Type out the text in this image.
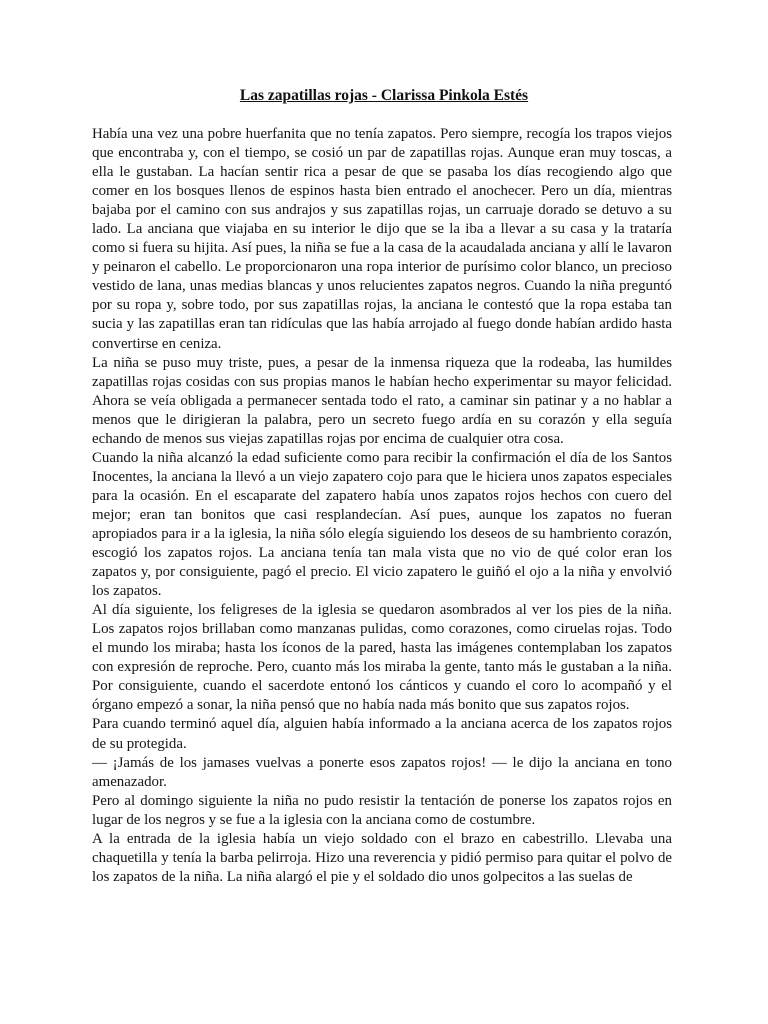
Las zapatillas rojas - Clarissa Pinkola Estés

Había una vez una pobre huerfanita que no tenía zapatos. Pero siempre, recogía los trapos viejos que encontraba y, con el tiempo, se cosió un par de zapatillas rojas. Aunque eran muy toscas, a ella le gustaban. La hacían sentir rica a pesar de que se pasaba los días recogiendo algo que comer en los bosques llenos de espinos hasta bien entrado el anochecer. Pero un día, mientras bajaba por el camino con sus andrajos y sus zapatillas rojas, un carruaje dorado se detuvo a su lado. La anciana que viajaba en su interior le dijo que se la iba a llevar a su casa y la trataría como si fuera su hijita. Así pues, la niña se fue a la casa de la acaudalada anciana y allí le lavaron y peinaron el cabello. Le proporcionaron una ropa interior de purísimo color blanco, un precioso vestido de lana, unas medias blancas y unos relucientes zapatos negros. Cuando la niña preguntó por su ropa y, sobre todo, por sus zapatillas rojas, la anciana le contestó que la ropa estaba tan sucia y las zapatillas eran tan ridículas que las había arrojado al fuego donde habían ardido hasta convertirse en ceniza.

La niña se puso muy triste, pues, a pesar de la inmensa riqueza que la rodeaba, las humildes zapatillas rojas cosidas con sus propias manos le habían hecho experimentar su mayor felicidad. Ahora se veía obligada a permanecer sentada todo el rato, a caminar sin patinar y a no hablar a menos que le dirigieran la palabra, pero un secreto fuego ardía en su corazón y ella seguía echando de menos sus viejas zapatillas rojas por encima de cualquier otra cosa.

Cuando la niña alcanzó la edad suficiente como para recibir la confirmación el día de los Santos Inocentes, la anciana la llevó a un viejo zapatero cojo para que le hiciera unos zapatos especiales para la ocasión. En el escaparate del zapatero había unos zapatos rojos hechos con cuero del mejor; eran tan bonitos que casi resplandecían. Así pues, aunque los zapatos no fueran apropiados para ir a la iglesia, la niña sólo elegía siguiendo los deseos de su hambriento corazón, escogió los zapatos rojos. La anciana tenía tan mala vista que no vio de qué color eran los zapatos y, por consiguiente, pagó el precio. El vicio zapatero le guiñó el ojo a la niña y envolvió los zapatos.

Al día siguiente, los feligreses de la iglesia se quedaron asombrados al ver los pies de la niña. Los zapatos rojos brillaban como manzanas pulidas, como corazones, como ciruelas rojas. Todo el mundo los miraba; hasta los íconos de la pared, hasta las imágenes contemplaban los zapatos con expresión de reproche. Pero, cuanto más los miraba la gente, tanto más le gustaban a la niña. Por consiguiente, cuando el sacerdote entonó los cánticos y cuando el coro lo acompañó y el órgano empezó a sonar, la niña pensó que no había nada más bonito que sus zapatos rojos.

Para cuando terminó aquel día, alguien había informado a la anciana acerca de los zapatos rojos de su protegida.

— ¡Jamás de los jamases vuelvas a ponerte esos zapatos rojos! — le dijo la anciana en tono amenazador.

Pero al domingo siguiente la niña no pudo resistir la tentación de ponerse los zapatos rojos en lugar de los negros y se fue a la iglesia con la anciana como de costumbre.

A la entrada de la iglesia había un viejo soldado con el brazo en cabestrillo. Llevaba una chaquetilla y tenía la barba pelirroja. Hizo una reverencia y pidió permiso para quitar el polvo de los zapatos de la niña. La niña alargó el pie y el soldado dio unos golpecitos a las suelas de
